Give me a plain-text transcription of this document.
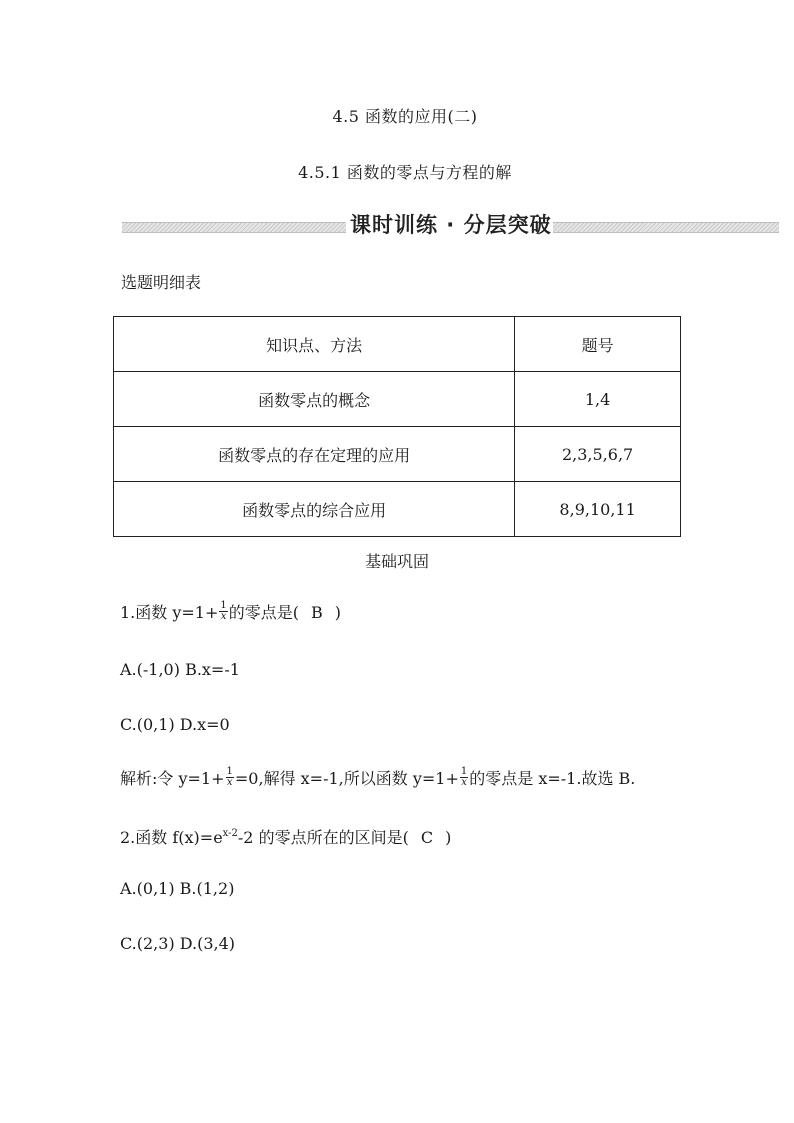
4.5 函数的应用(二)
4.5.1 函数的零点与方程的解
课时训练 · 分层突破
选题明细表
知识点、方法	题号
函数零点的概念	1,4
函数零点的存在定理的应用	2,3,5,6,7
函数零点的综合应用	8,9,10,11
基础巩固
1.函数 $y=1+ \frac{1}{x}$ 的零点是( B )
A.(-1,0) B.x=-1
C.(0,1) D.x=0
解析:令 $y=1+ \frac{1}{x} =0$,解得 x=-1,所以函数 $y=1+ \frac{1}{x}$ 的零点是 x=-1.故选 B.
2.函数 $f(x)=e^{x-2}-2$ 的零点所在的区间是( C )
A.(0,1) B.(1,2)
C.(2,3) D.(3,4)
